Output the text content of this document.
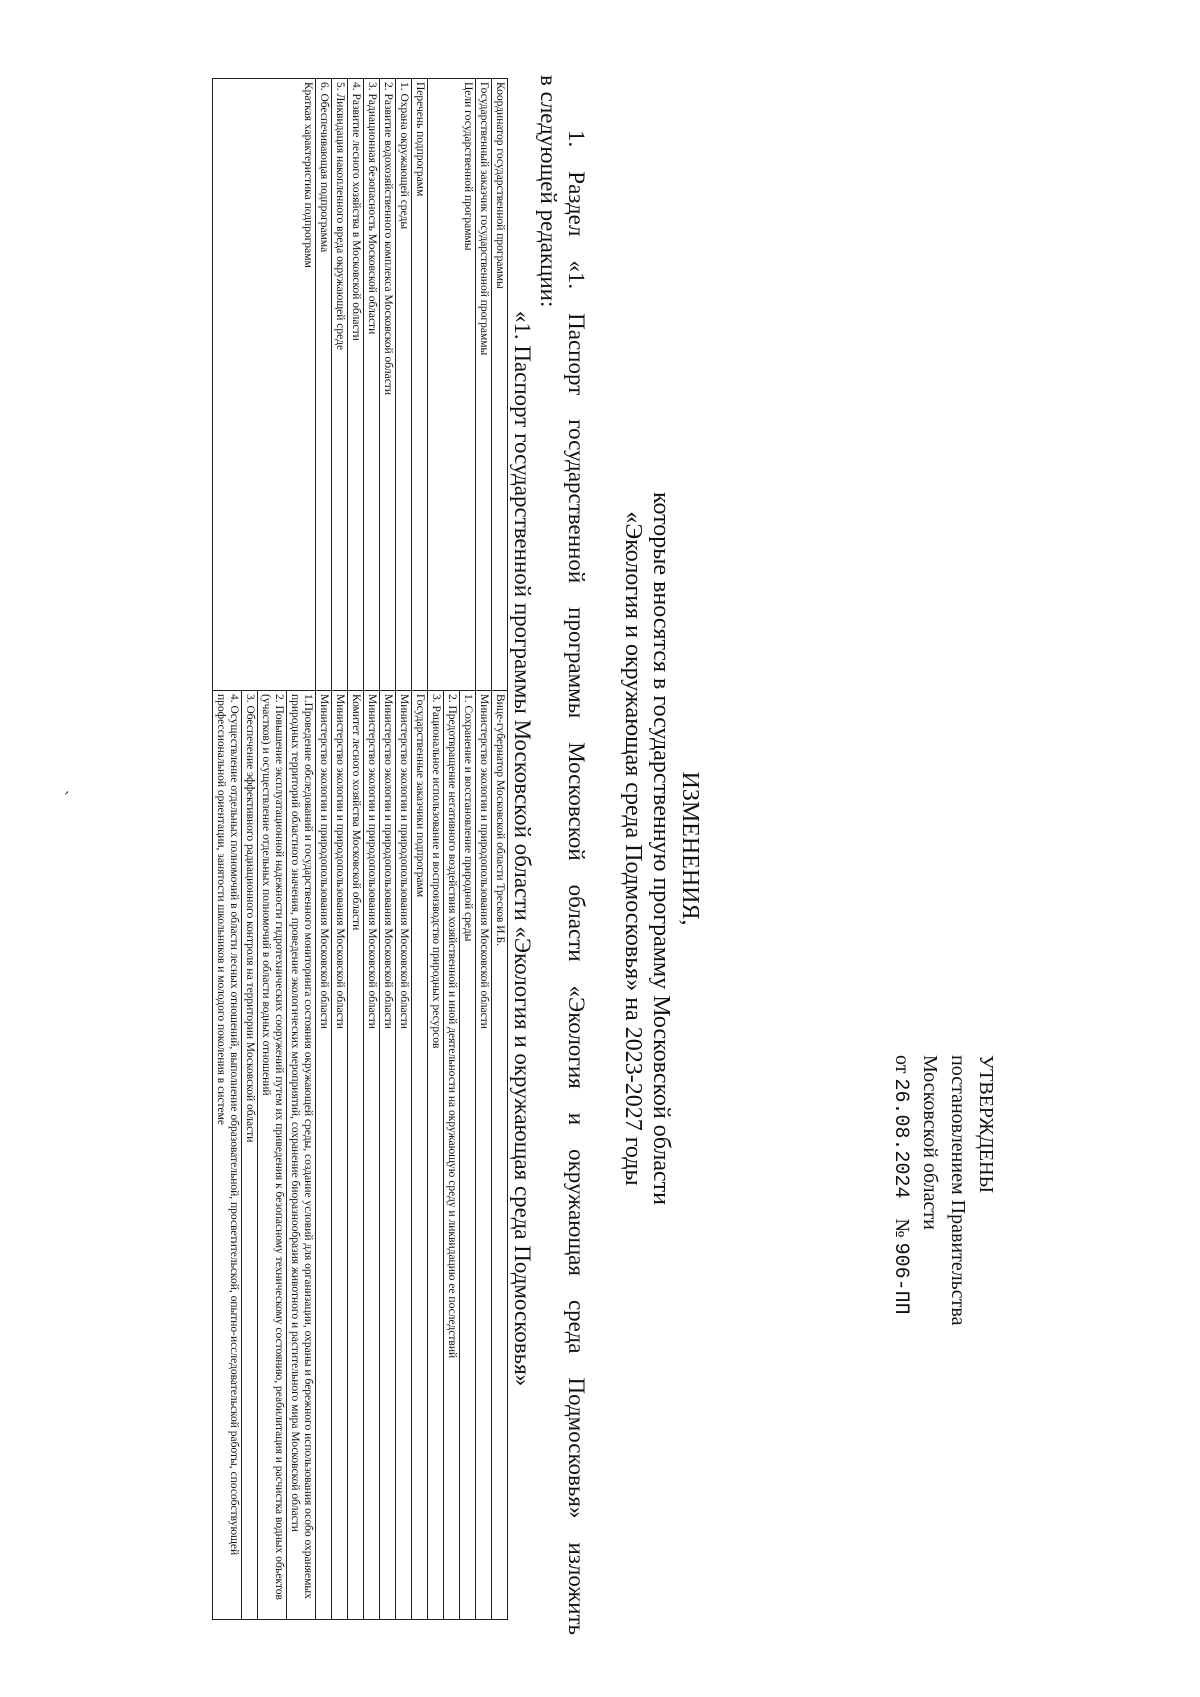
УТВЕРЖДЕНЫ
постановлением Правительства
Московской области
от 26.08.2024    № 906-ПП
ИЗМЕНЕНИЯ,
которые вносятся в государственную программу Московской области
«Экология и окружающая среда Подмосковья» на 2023-2027 годы
1. Раздел «1. Паспорт государственной программы Московской области «Экология и окружающая среда Подмосковья» изложить
в следующей редакции:
«1. Паспорт государственной программы Московской области «Экология и окружающая среда Подмосковья»
Координатор государственной программы	Вице-губернатор Московской области Тресков И.Б.
Государственный заказчик государственной программы	Министерство экологии и природопользования Московской области
Цели государственной программы	1. Сохранение и восстановление природной среды
	2. Предотвращение негативного воздействия хозяйственной и иной деятельности на окружающую среду и ликвидацию ее последствий
	3. Рациональное использование и воспроизводство природных ресурсов
Перечень подпрограмм	Государственные заказчики подпрограмм
1. Охрана окружающей среды	Министерство экологии и природопользования Московской области
2. Развитие водохозяйственного комплекса Московской области	Министерство экологии и природопользования Московской области
3. Радиационная безопасность Московской области	Министерство экологии и природопользования Московской области
4. Развитие лесного хозяйства в Московской области	Комитет лесного хозяйства Московской области
5. Ликвидация накопленного вреда окружающей среде	Министерство экологии и природопользования Московской области
6. Обеспечивающая подпрограмма	Министерство экологии и природопользования Московской области
Краткая характеристика подпрограмм	1.Проведение обследований и государственного мониторинга состояния окружающей среды, создание условий для организации, охраны и бережного использования особо охраняемых природных территорий областного значения, проведение экологических мероприятий, сохранение биоразнообразия животного и растительного мира Московской области
	2. Повышение эксплуатационной надежности гидротехнических сооружений путем их приведения к безопасному техническому состоянию, реабилитация и расчистка водных объектов (участков) и осуществление отдельных полномочий в области водных отношений
	3. Обеспечение эффективного радиационного контроля на территории Московской области
	4. Осуществление отдельных полномочий в области лесных отношений, выполнение образовательной, просветительской, опытно-исследовательской работы, способствующей профессиональной ориентации, занятости школьников и молодого поколения в системе
ˏ
